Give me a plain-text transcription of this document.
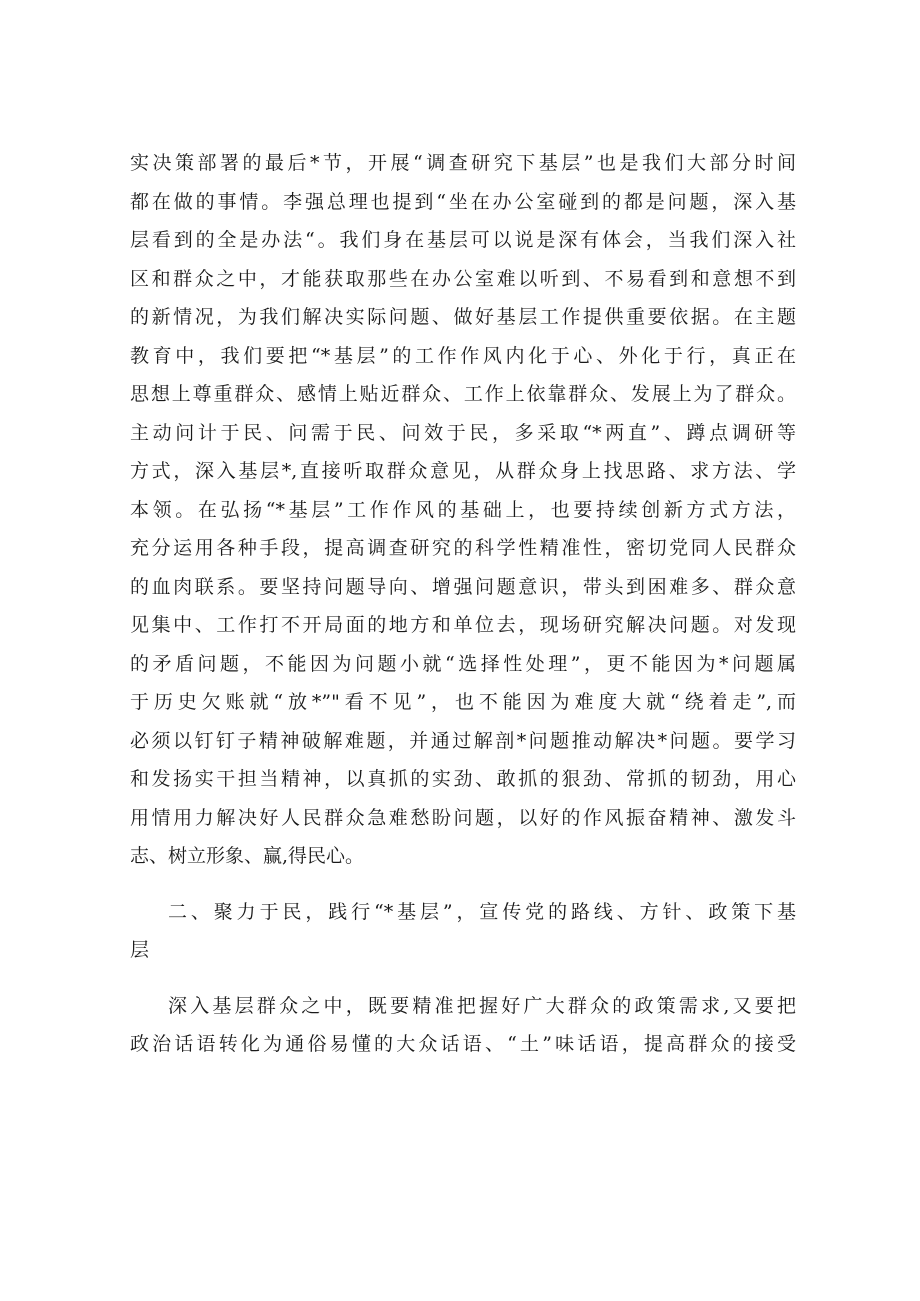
实决策部署的最后*节，开展“调查研究下基层”也是我们大部分时间
都在做的事情。李强总理也提到“坐在办公室碰到的都是问题，深入基
层看到的全是办法“。我们身在基层可以说是深有体会，当我们深入社
区和群众之中，才能获取那些在办公室难以听到、不易看到和意想不到
的新情况，为我们解决实际问题、做好基层工作提供重要依据。在主题
教育中，我们要把“*基层”的工作作风内化于心、外化于行，真正在
思想上尊重群众、感情上贴近群众、工作上依靠群众、发展上为了群众。
主动问计于民、问需于民、问效于民，多采取“*两直”、蹲点调研等
方式，深入基层*,直接听取群众意见，从群众身上找思路、求方法、学
本领。在弘扬“*基层”工作作风的基础上，也要持续创新方式方法，
充分运用各种手段，提高调查研究的科学性精准性，密切党同人民群众
的血肉联系。要坚持问题导向、增强问题意识，带头到困难多、群众意
见集中、工作打不开局面的地方和单位去，现场研究解决问题。对发现
的矛盾问题，不能因为问题小就“选择性处理”，更不能因为*问题属
于历史欠账就“放*”"看不见”，也不能因为难度大就“绕着走”,而
必须以钉钉子精神破解难题，并通过解剖*问题推动解决*问题。要学习
和发扬实干担当精神，以真抓的实劲、敢抓的狠劲、常抓的韧劲，用心
用情用力解决好人民群众急难愁盼问题，以好的作风振奋精神、激发斗
志、树立形象、赢,得民心。
二、聚力于民，践行“*基层”，宣传党的路线、方针、政策下基
层
深入基层群众之中，既要精准把握好广大群众的政策需求,又要把
政治话语转化为通俗易懂的大众话语、“土”味话语，提高群众的接受
